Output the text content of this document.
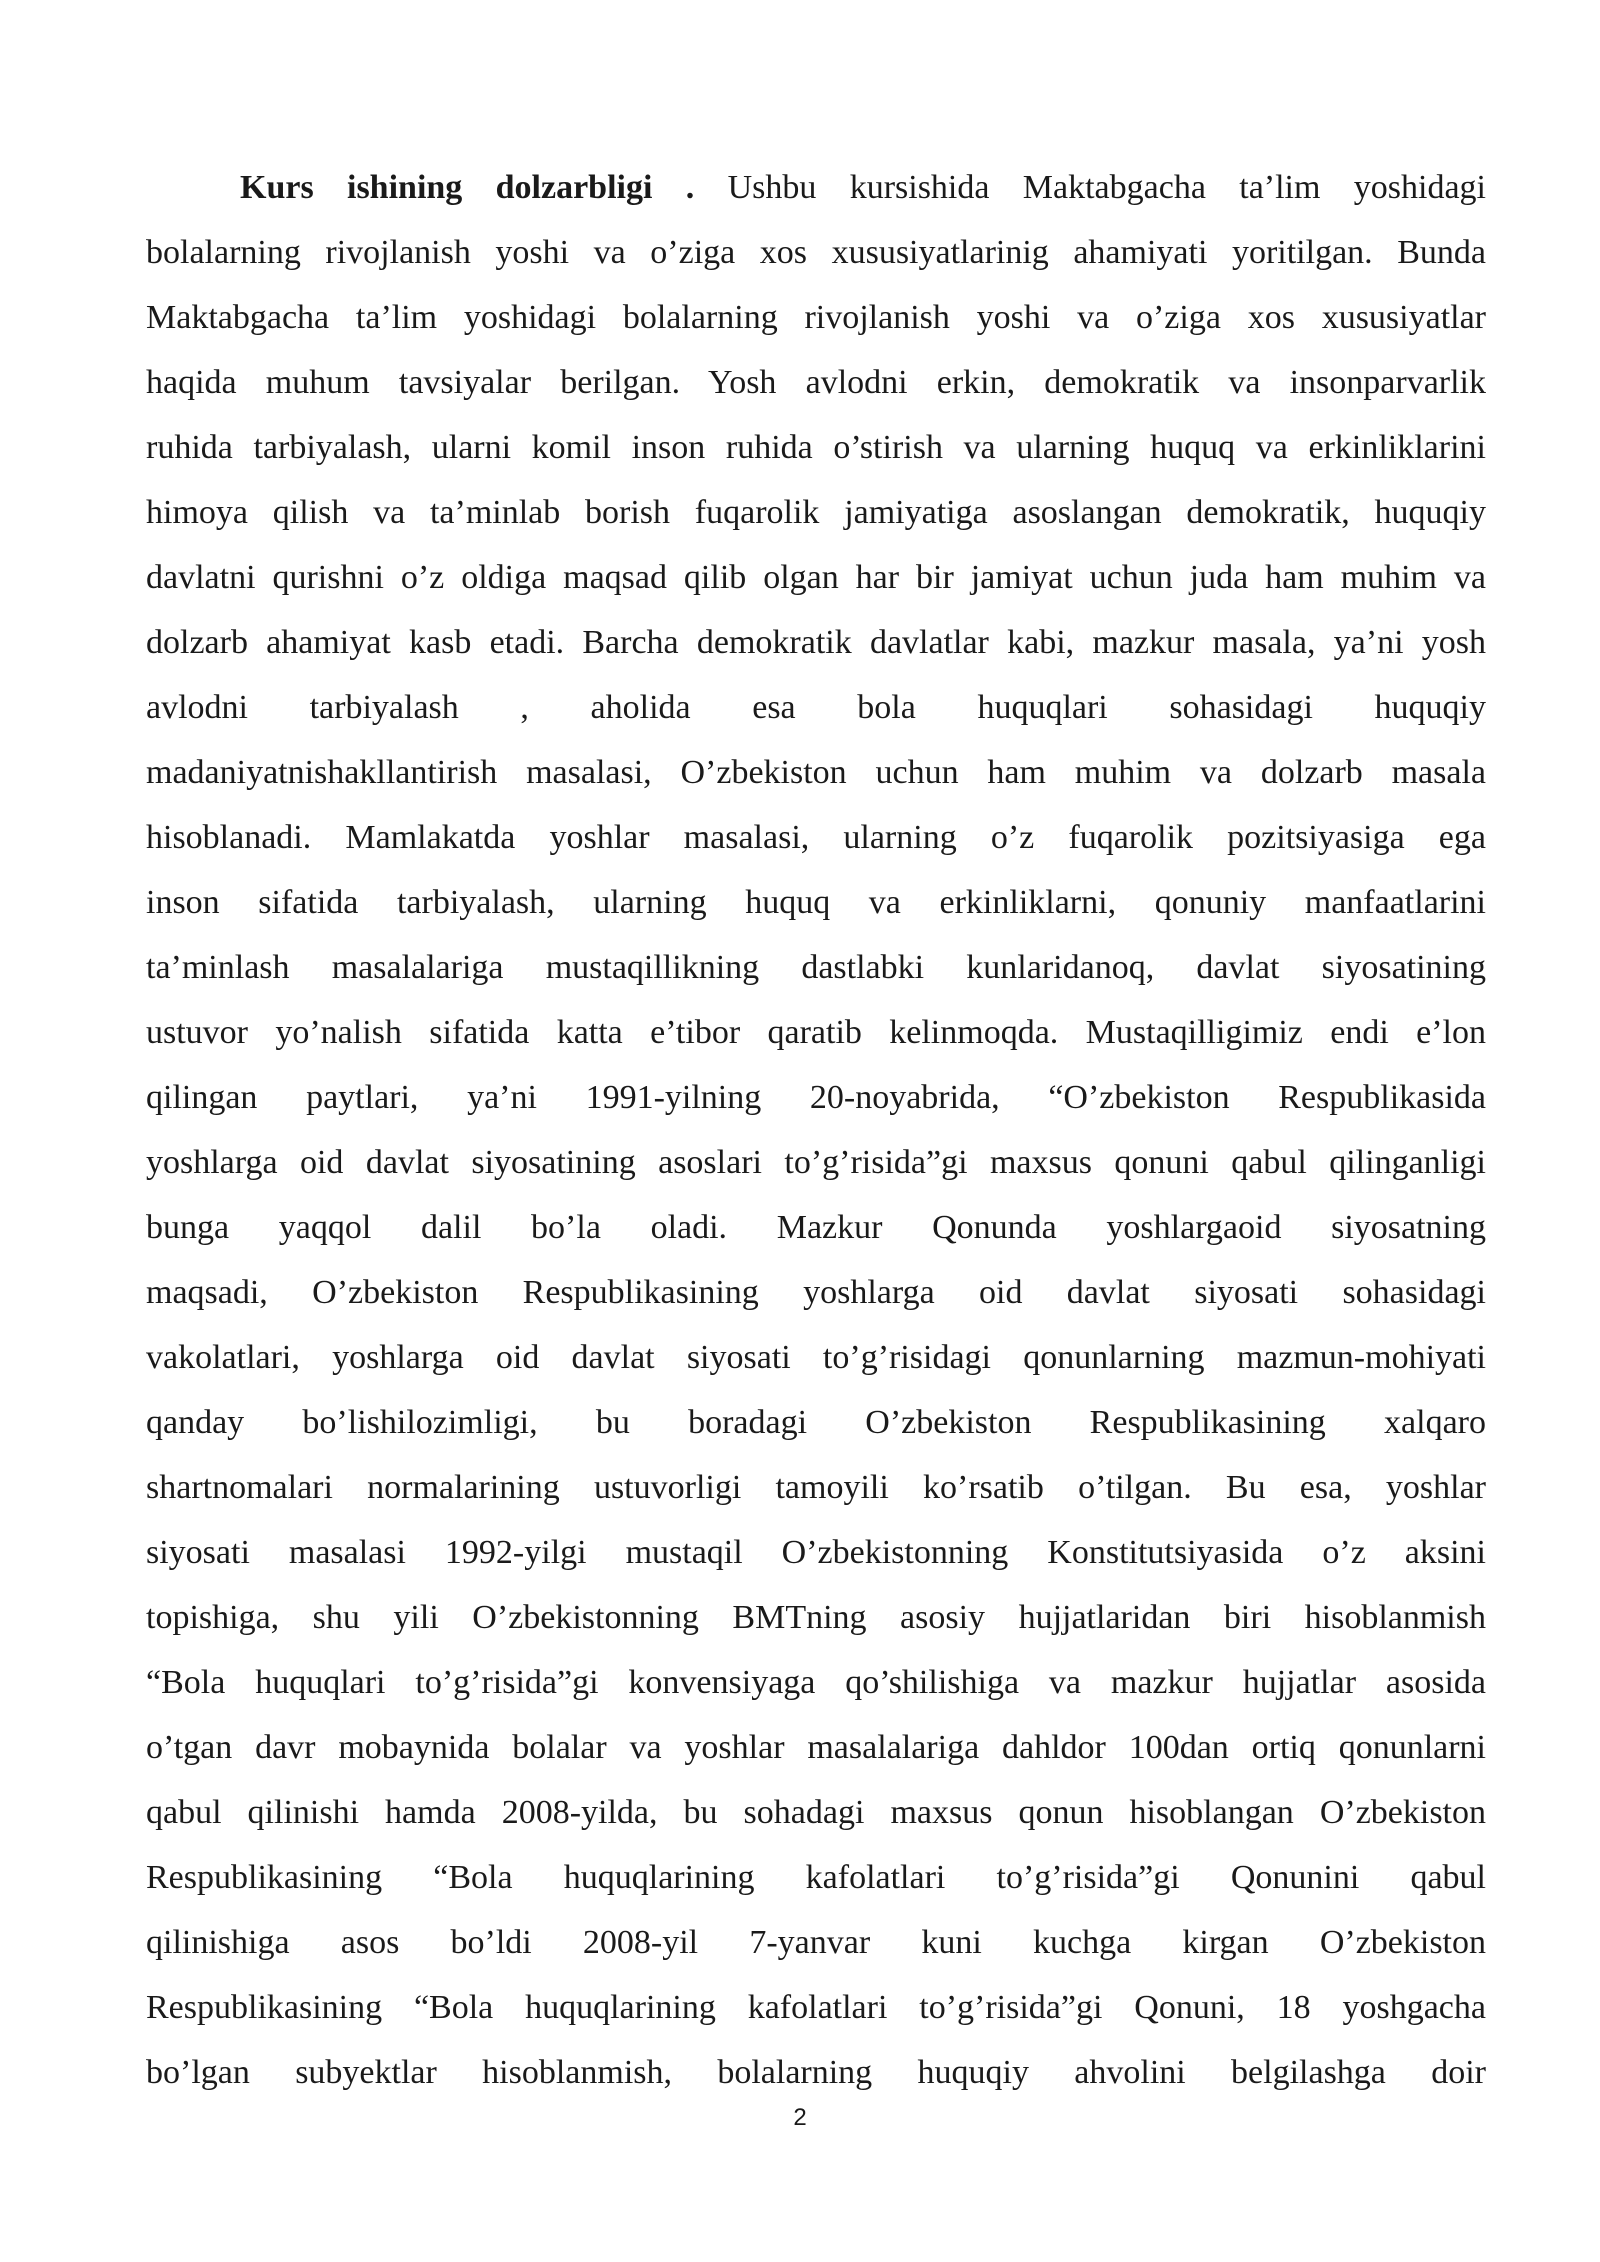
Kurs ishining dolzarbligi . Ushbu kursishida Maktabgacha ta’lim yoshidagi
bolalarning rivojlanish yoshi va o’ziga xos xususiyatlarinig ahamiyati yoritilgan. Bunda
Maktabgacha ta’lim yoshidagi bolalarning rivojlanish yoshi va o’ziga xos xususiyatlar
haqida muhum tavsiyalar berilgan. Yosh avlodni erkin, demokratik va insonparvarlik
ruhida tarbiyalash, ularni komil inson ruhida o’stirish va ularning huquq va erkinliklarini
himoya qilish va ta’minlab borish fuqarolik jamiyatiga asoslangan demokratik, huquqiy
davlatni qurishni o’z oldiga maqsad qilib olgan har bir jamiyat uchun juda ham muhim va
dolzarb ahamiyat kasb etadi. Barcha demokratik davlatlar kabi, mazkur masala, ya’ni yosh
avlodni tarbiyalash , aholida esa bola huquqlari sohasidagi huquqiy
madaniyatnishakllantirish masalasi, O’zbekiston uchun ham muhim va dolzarb masala
hisoblanadi. Mamlakatda yoshlar masalasi, ularning o’z fuqarolik pozitsiyasiga ega
inson sifatida tarbiyalash, ularning huquq va erkinliklarni, qonuniy manfaatlarini
ta’minlash masalalariga mustaqillikning dastlabki kunlaridanoq, davlat siyosatining
ustuvor yo’nalish sifatida katta e’tibor qaratib kelinmoqda. Mustaqilligimiz endi e’lon
qilingan paytlari, ya’ni 1991-yilning 20-noyabrida, “O’zbekiston Respublikasida
yoshlarga oid davlat siyosatining asoslari to’g’risida”gi maxsus qonuni qabul qilinganligi
bunga yaqqol dalil bo’la oladi. Mazkur Qonunda yoshlargaoid siyosatning
maqsadi, O’zbekiston Respublikasining yoshlarga oid davlat siyosati sohasidagi
vakolatlari, yoshlarga oid davlat siyosati to’g’risidagi qonunlarning mazmun-mohiyati
qanday bo’lishilozimligi, bu boradagi O’zbekiston Respublikasining xalqaro
shartnomalari normalarining ustuvorligi tamoyili ko’rsatib o’tilgan. Bu esa, yoshlar
siyosati masalasi 1992-yilgi mustaqil O’zbekistonning Konstitutsiyasida o’z aksini
topishiga, shu yili O’zbekistonning BMTning asosiy hujjatlaridan biri hisoblanmish
“Bola huquqlari to’g’risida”gi konvensiyaga qo’shilishiga va mazkur hujjatlar asosida
o’tgan davr mobaynida bolalar va yoshlar masalalariga dahldor 100dan ortiq qonunlarni
qabul qilinishi hamda 2008-yilda, bu sohadagi maxsus qonun hisoblangan O’zbekiston
Respublikasining “Bola huquqlarining kafolatlari to’g’risida”gi Qonunini qabul
qilinishiga asos bo’ldi 2008-yil 7-yanvar kuni kuchga kirgan O’zbekiston
Respublikasining “Bola huquqlarining kafolatlari to’g’risida”gi Qonuni, 18 yoshgacha
bo’lgan subyektlar hisoblanmish, bolalarning huquqiy ahvolini belgilashga doir
2
